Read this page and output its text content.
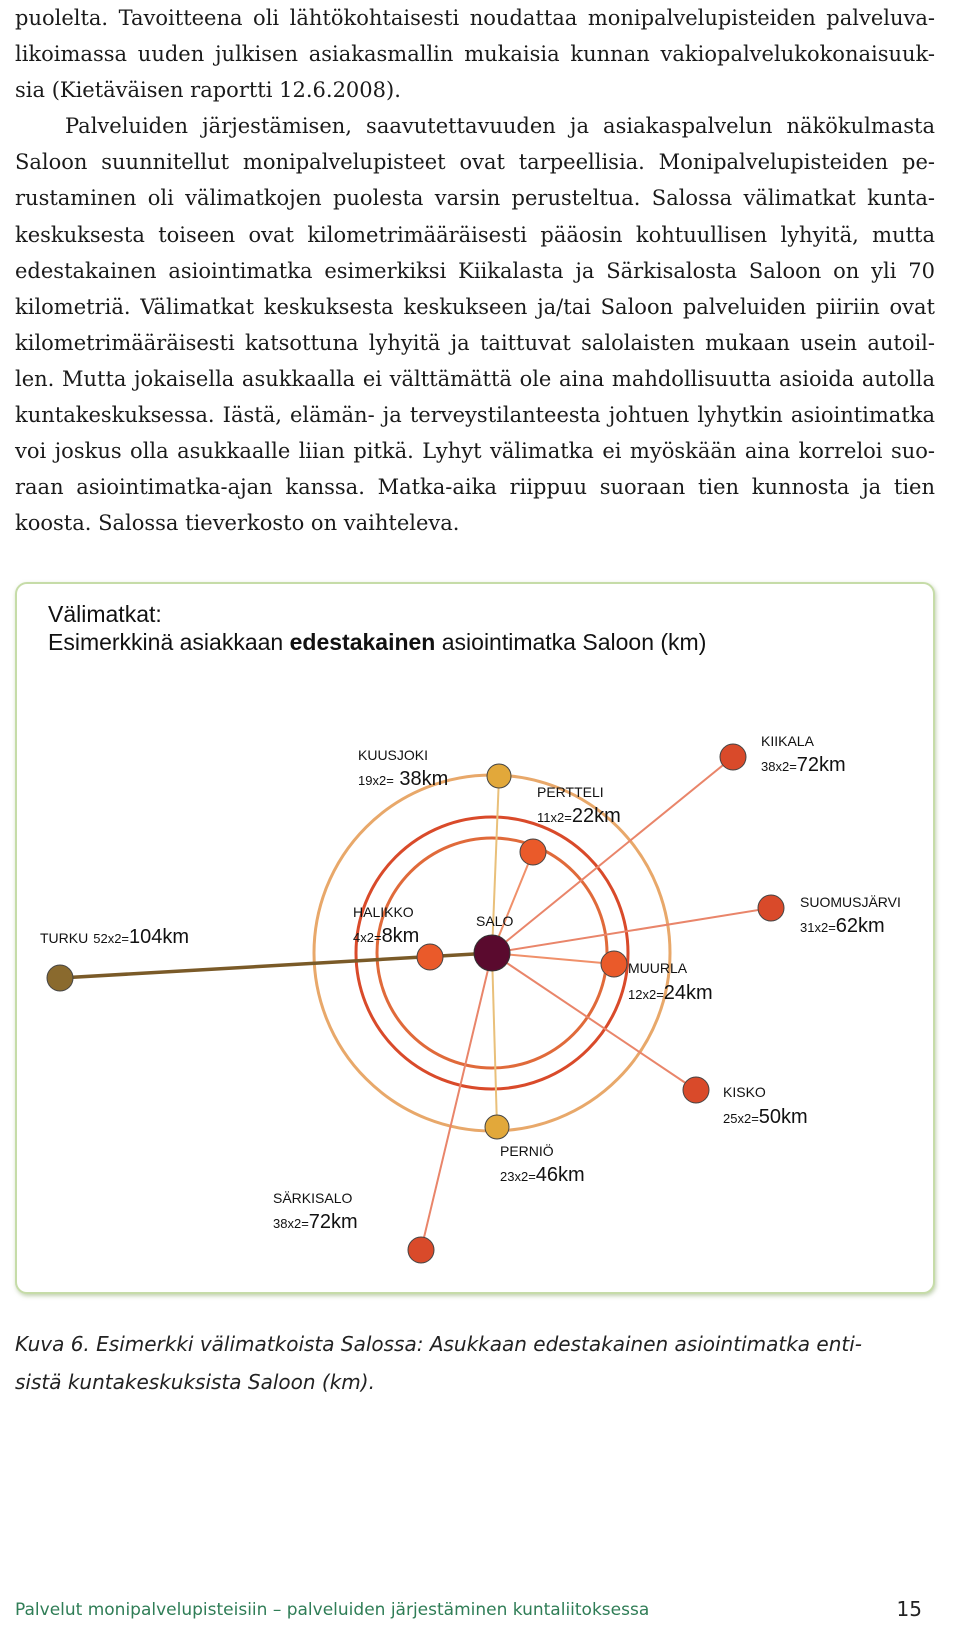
puolelta. Tavoitteena oli lähtökohtaisesti noudattaa monipalvelupisteiden palveluva-
likoimassa uuden julkisen asiakasmallin mukaisia kunnan vakiopalvelukokonaisuuk-
sia (Kietäväisen raportti 12.6.2008).
Palveluiden järjestämisen, saavutettavuuden ja asiakaspalvelun näkökulmasta
Saloon suunnitellut monipalvelupisteet ovat tarpeellisia. Monipalvelupisteiden pe-
rustaminen oli välimatkojen puolesta varsin perusteltua. Salossa välimatkat kunta-
keskuksesta toiseen ovat kilometrimääräisesti pääosin kohtuullisen lyhyitä, mutta
edestakainen asiointimatka esimerkiksi Kiikalasta ja Särkisalosta Saloon on yli 70
kilometriä. Välimatkat keskuksesta keskukseen ja/tai Saloon palveluiden piiriin ovat
kilometrimääräisesti katsottuna lyhyitä ja taittuvat salolaisten mukaan usein autoil-
len. Mutta jokaisella asukkaalla ei välttämättä ole aina mahdollisuutta asioida autolla
kuntakeskuksessa. Iästä, elämän- ja terveystilanteesta johtuen lyhytkin asiointimatka
voi joskus olla asukkaalle liian pitkä. Lyhyt välimatka ei myöskään aina korreloi suo-
raan asiointimatka-ajan kanssa. Matka-aika riippuu suoraan tien kunnosta ja tien
koosta. Salossa tieverkosto on vaihteleva.
Välimatkat:
Esimerkkinä asiakkaan edestakainen asiointimatka Saloon (km)
SALO
KUUSJOKI
19x2= 38km
KIIKALA
38x2=72km
PERTTELI
11x2=22km
TURKU 52x2=104km
HALIKKO
4x2=8km
SUOMUSJÄRVI
31x2=62km
MUURLA
12x2=24km
KISKO
25x2=50km
PERNIÖ
23x2=46km
SÄRKISALO
38x2=72km
Kuva 6. Esimerkki välimatkoista Salossa: Asukkaan edestakainen asiointimatka enti-
sistä kuntakeskuksista Saloon (km).
Palvelut monipalvelupisteisiin – palveluiden järjestäminen kuntaliitoksessa	15
